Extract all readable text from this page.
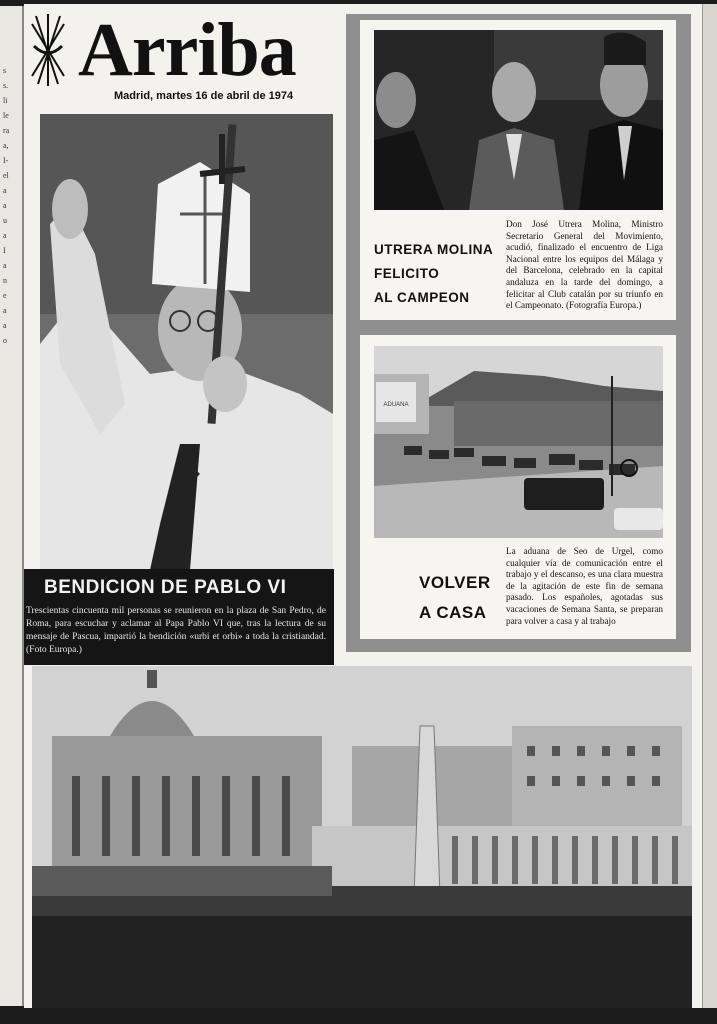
s
s.
li
le
ra
a,
I-
el
a
a
u
a
I
a
n
e
a
a
o
Arriba
Madrid, martes 16 de abril de 1974
BENDICION DE PABLO VI
Trescientas cincuenta mil personas se reunieron en la plaza de San Pedro, de Roma, para escuchar y aclamar al Papa Pablo VI que, tras la lectura de su mensaje de Pascua, impartió la bendición «urbi et orbi» a toda la cristiandad. (Foto Europa.)
UTRERA MOLINA
FELICITO
AL CAMPEON
Don José Utrera Molina, Ministro Secretario General del Movimiento, acudió, finalizado el encuentro de Liga Nacional entre los equipos del Málaga y del Barcelona, celebrado en la capital andaluza en la tarde del domingo, a felicitar al Club catalán por su triunfo en el Campeonato. (Fotografía Europa.)
ADUANA
VOLVER
A CASA
La aduana de Seo de Urgel, como cualquier vía de comunicación entre el trabajo y el descanso, es una clara muestra de la agitación de este fin de semana pasado. Los españoles, agotadas sus vacaciones de Semana Santa, se preparan para volver a casa y al trabajo
